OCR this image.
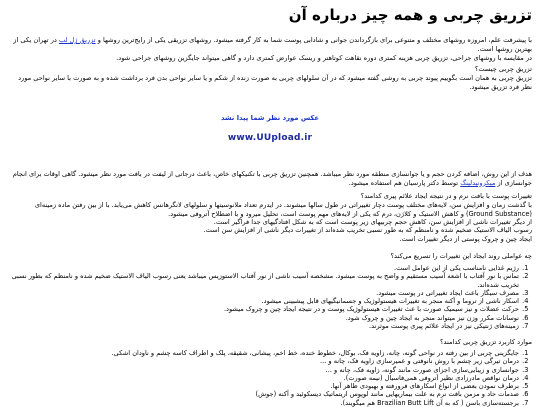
تزریق چربی و همه چیز درباره آن

با پیشرفت علم، امروزه روشهای مختلف و متنوعی برای بازگرداندن جوانی و شادابی پوست شما به کار گرفته میشود. روشهای تزریقی یکی از رایج‌ترین روشها و تزریق ژل لب در تهران یکی از بهترین روشها است.

در مقایسه با روشهای جراحی، تزریق چربی هزینه کمتری دوره نقاهت کوتاهتر و ریسک عوارض کمتری دارد و گاهی میتواند جایگزین روشهای جراحی شود.

تزریق چربی چیست؟

تزریق چربی به همان است بگوییم پیوند چربی به روشی گفته میشود که در آن سلولهای چربی به صورت زنده از شکم و یا سایر نواحی بدن فرد برداشت شده و به صورت با سایر نواحی مورد نظر فرد تزریق میشود.

عکس مورد نظر شما پیدا نشد
www.UUpload.ir

هدف از این روش، اضافه کردن حجم و یا جوانسازی منطقه مورد نظر میباشد. همچنین تزریق چربی با تکنیکهای خاص، باعث درجاتی از لیفت در بافت مورد نظر میشود. گاهی اوقات برای انجام جوانسازی از میکرونیدلینگ توسط دکتر پارسیان هم استفاده میشود.

تغییرات پوست با بافت نرم و در نتیجه ایجاد علائم پیری کدامند؟

با گذشت زمان و افزایش سن، لایه‌های مختلف پوست دچار تغییراتی در طول سالها میشوند. در ایدرم تعداد ملانوسیتها و سلولهای لانگرهانس کاهش می‌یابد. با از بین رفتن ماده زمینه‌ای (Ground Substance) و کاهش الاستیک و کلاژن، درم که یکی از لایه‌های مهم پوست است، تحلیل میرود و با اضطلاح آتروفی میشود.

از دیگر تغییرات ناشی از افزایش سن، کاهش حجم چربیهای زیر پوست است که به شکل افتادگیهای جدا فراگیر است.

رسوب الیاف الاستیک ضخیم شده و نامنظم که به طور نسبی تخریب شده‌اند از تغییرات دیگر ناشی از افزایش سن است.

ایجاد چین و چروک پوستی از دیگر تغییرات است.

چه عواملی روند ایجاد این تغییرات را تسریع می‌کند؟

1. رژیم غذایی نامناسب یکی از این عوامل است.
2. تماس با نور آفتاب با اشعه آسیب مستقیم و واضح به پوست میشود. مشخصه آسیب ناشی از نور آفتاب الاستوزیس میباشد یعنی رسوب الیاف الاستیک ضخیم شده و نامنظم که بطور نسبی تخریب شده‌اند.
3. مصرف سیگار باعث ایجاد تغییراتی در پوست میشود.
4. اسکار ناشی از تروما و آکنه منجر به تغییرات هیستولوژیک و جسمانیگیهای قابل پیشبینی میشود.
5. حرکت عضلات و نیز سیمیک صورت با عث تغییرات هیستولوژیک پوست و در نتیجه ایجاد چین و چروک میشود.
6. نوسانات مکرر وزن نیز میتواند منجر به ایجاد چین و چروک شود.
7. زمینه‌های ژنتیکی نیز در ایجاد علائم پیری پوست موثرند.

موارد کاربرد تزریق چربی کدامند؟

1. جایگزینی چربی از بین رفته در نواحی گونه، چانه، زاویه فک، بوکال، خطوط خنده، خط اخم، پیشانی، شقیقه، پلک و اطراف کاسه چشم و ناودان اشکی.
2. درمان تیرگی زیر چشم با روش نانوفتی و عمیرسازی زاویه فک، چانه و ...
3. جوانسازی و زیبایی‌سازی اجزای صورت مانند گونه، زاویه فک، چانه و ...
4. درمان نواقص مادرزادی نظیر آتروفی همی‌فاسیال (نیمه صورت).
5. برطرف نمودن بعضی از انواع اسکارهای فرورفته و بهبودی ظاهر آنها.
6. صدمات حاد و مزمن بافت نرم به علت بیماریهایی مانند لوپوس اریتماتیک دیسکوئید و آکنه (جوش)
7. برجسته‌سازی باسن ( که به آن Brazilian Butt Lift هم میگویند).
